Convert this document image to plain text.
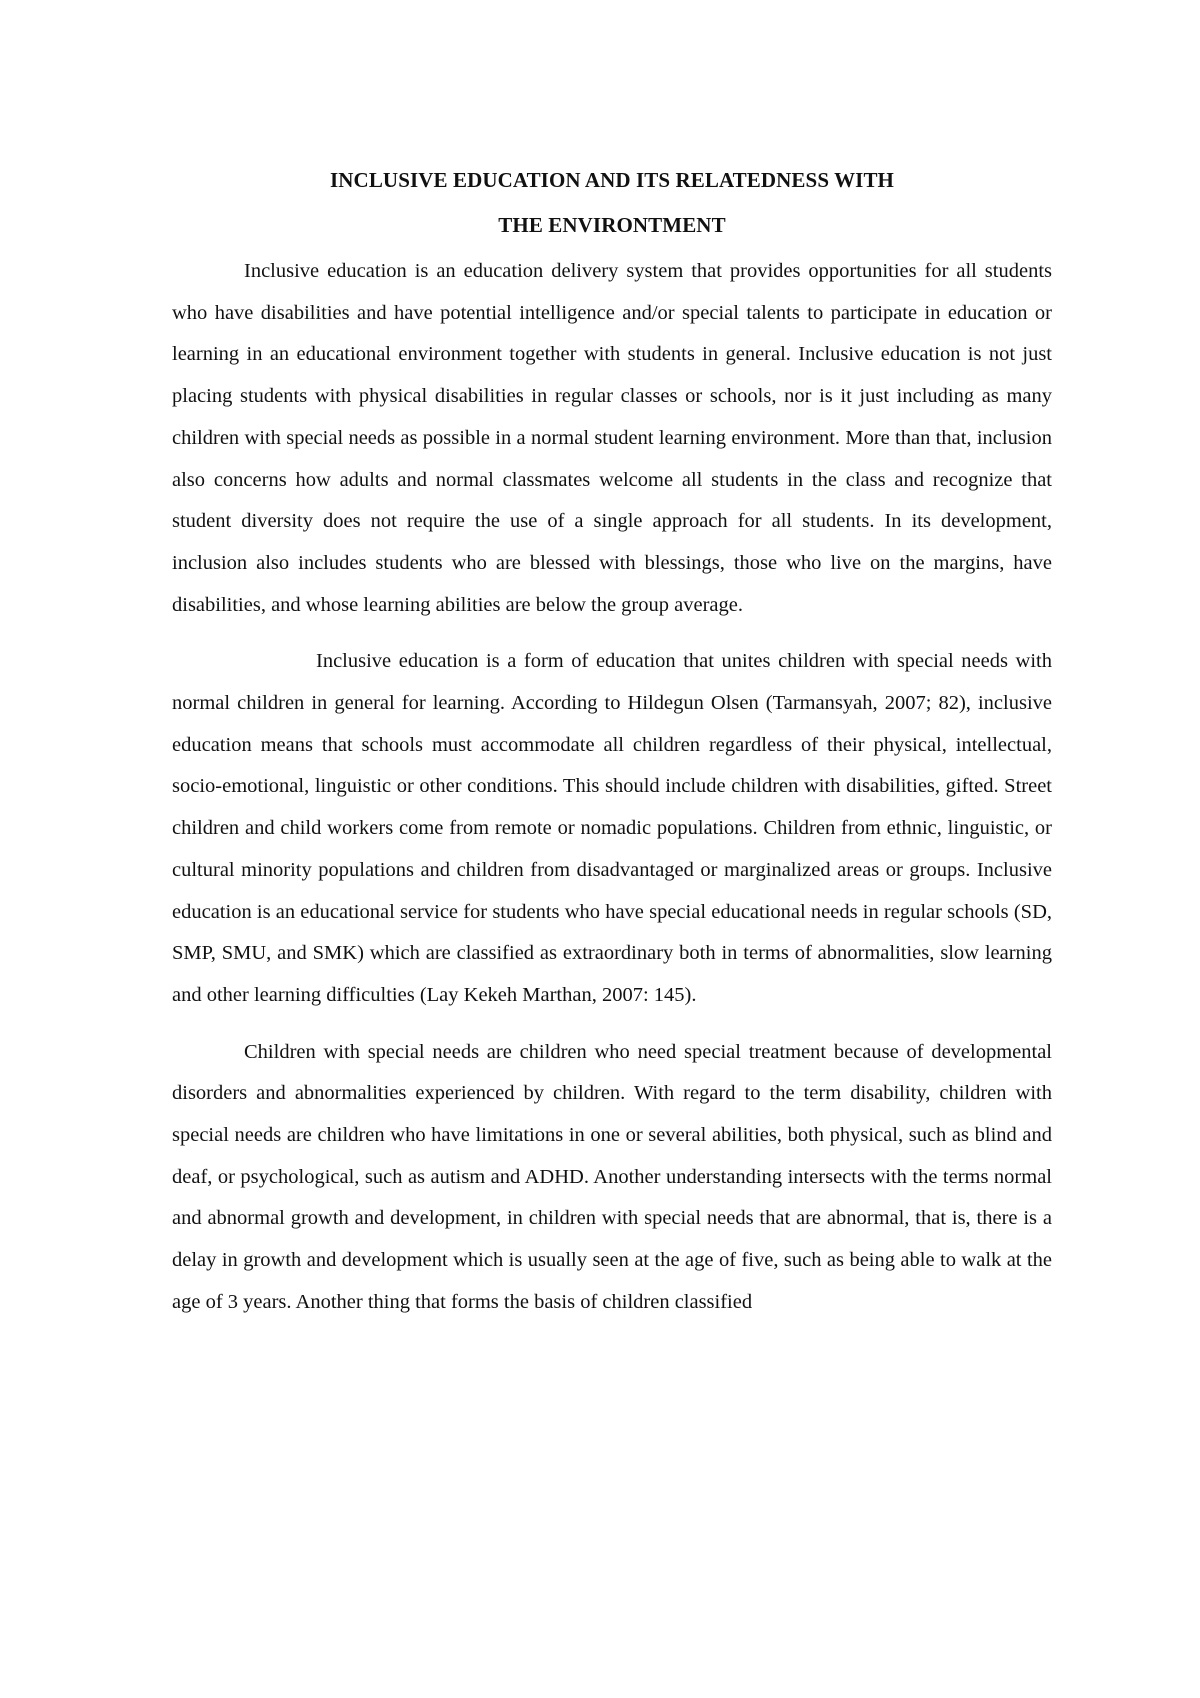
INCLUSIVE EDUCATION AND ITS RELATEDNESS WITH
THE ENVIRONTMENT

Inclusive education is an education delivery system that provides opportunities for all students who have disabilities and have potential intelligence and/or special talents to participate in education or learning in an educational environment together with students in general. Inclusive education is not just placing students with physical disabilities in regular classes or schools, nor is it just including as many children with special needs as possible in a normal student learning environment. More than that, inclusion also concerns how adults and normal classmates welcome all students in the class and recognize that student diversity does not require the use of a single approach for all students. In its development, inclusion also includes students who are blessed with blessings, those who live on the margins, have disabilities, and whose learning abilities are below the group average.

Inclusive education is a form of education that unites children with special needs with normal children in general for learning. According to Hildegun Olsen (Tarmansyah, 2007; 82), inclusive education means that schools must accommodate all children regardless of their physical, intellectual, socio-emotional, linguistic or other conditions. This should include children with disabilities, gifted. Street children and child workers come from remote or nomadic populations. Children from ethnic, linguistic, or cultural minority populations and children from disadvantaged or marginalized areas or groups. Inclusive education is an educational service for students who have special educational needs in regular schools (SD, SMP, SMU, and SMK) which are classified as extraordinary both in terms of abnormalities, slow learning and other learning difficulties (Lay Kekeh Marthan, 2007: 145).

Children with special needs are children who need special treatment because of developmental disorders and abnormalities experienced by children. With regard to the term disability, children with special needs are children who have limitations in one or several abilities, both physical, such as blind and deaf, or psychological, such as autism and ADHD. Another understanding intersects with the terms normal and abnormal growth and development, in children with special needs that are abnormal, that is, there is a delay in growth and development which is usually seen at the age of five, such as being able to walk at the age of 3 years. Another thing that forms the basis of children classified
